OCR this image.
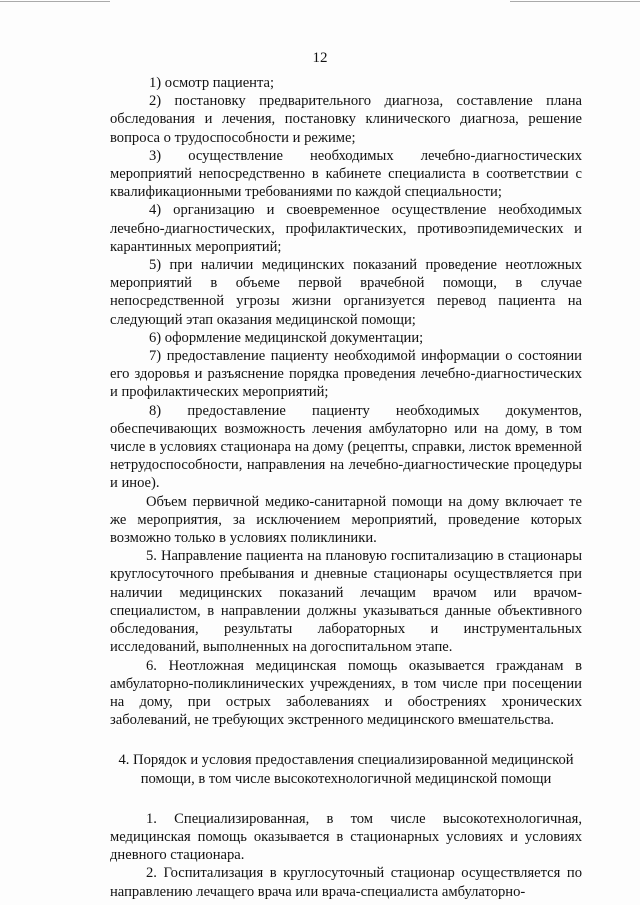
12

1) осмотр пациента;

2) постановку предварительного диагноза, составление плана обследования и лечения, постановку клинического диагноза, решение вопроса о трудоспособности и режиме;

3) осуществление необходимых лечебно-диагностических мероприятий непосредственно в кабинете специалиста в соответствии с квалификационными требованиями по каждой специальности;

4) организацию и своевременное осуществление необходимых лечебно-диагностических, профилактических, противоэпидемических и карантинных мероприятий;

5) при наличии медицинских показаний проведение неотложных мероприятий в объеме первой врачебной помощи, в случае непосредственной угрозы жизни организуется перевод пациента на следующий этап оказания медицинской помощи;

6) оформление медицинской документации;

7) предоставление пациенту необходимой информации о состоянии его здоровья и разъяснение порядка проведения лечебно-диагностических и профилактических мероприятий;

8) предоставление пациенту необходимых документов, обеспечивающих возможность лечения амбулаторно или на дому, в том числе в условиях стационара на дому (рецепты, справки, листок временной нетрудоспособности, направления на лечебно-диагностические процедуры и иное).

Объем первичной медико-санитарной помощи на дому включает те же мероприятия, за исключением мероприятий, проведение которых возможно только в условиях поликлиники.

5. Направление пациента на плановую госпитализацию в стационары круглосуточного пребывания и дневные стационары осуществляется при наличии медицинских показаний лечащим врачом или врачом-специалистом, в направлении должны указываться данные объективного обследования, результаты лабораторных и инструментальных исследований, выполненных на догоспитальном этапе.

6. Неотложная медицинская помощь оказывается гражданам в амбулаторно-поликлинических учреждениях, в том числе при посещении на дому, при острых заболеваниях и обострениях хронических заболеваний, не требующих экстренного медицинского вмешательства.

4. Порядок и условия предоставления специализированной медицинской помощи, в том числе высокотехнологичной медицинской помощи

1. Специализированная, в том числе высокотехнологичная, медицинская помощь оказывается в стационарных условиях и условиях дневного стационара.

2. Госпитализация в круглосуточный стационар осуществляется по направлению лечащего врача или врача-специалиста амбулаторно-
